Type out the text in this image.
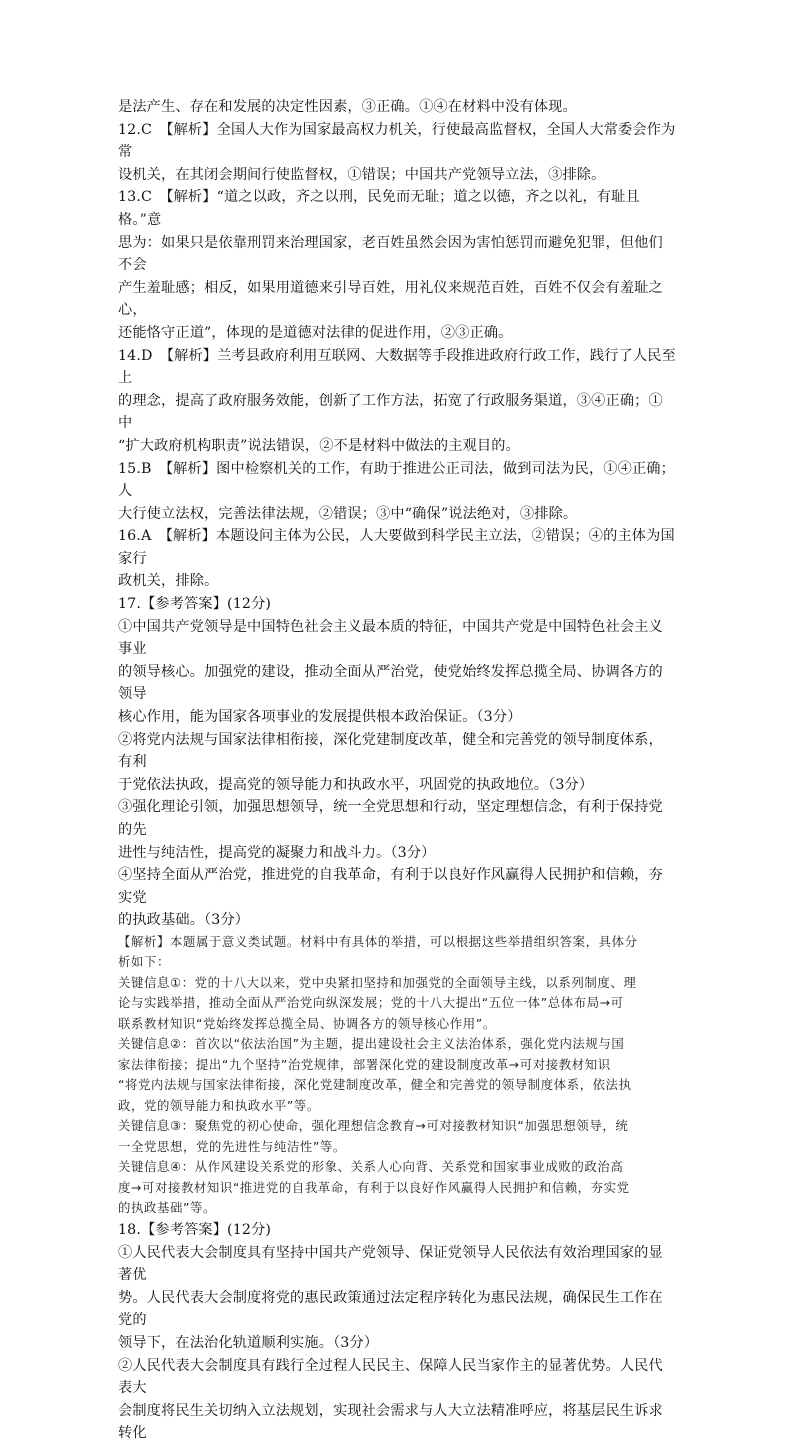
是法产生、存在和发展的决定性因素，③正确。①④在材料中没有体现。

12.C　【解析】全国人大作为国家最高权力机关，行使最高监督权，全国人大常委会作为常

设机关，在其闭会期间行使监督权，①错误；中国共产党领导立法，③排除。

13.C　【解析】“道之以政，齐之以刑，民免而无耻；道之以德，齐之以礼，有耻且格。”意

思为：如果只是依靠刑罚来治理国家，老百姓虽然会因为害怕惩罚而避免犯罪，但他们不会

产生羞耻感；相反，如果用道德来引导百姓，用礼仪来规范百姓，百姓不仅会有羞耻之心，

还能恪守正道”，体现的是道德对法律的促进作用，②③正确。

14.D　【解析】兰考县政府利用互联网、大数据等手段推进政府行政工作，践行了人民至上

的理念，提高了政府服务效能，创新了工作方法，拓宽了行政服务渠道，③④正确；①中

“扩大政府机构职责”说法错误，②不是材料中做法的主观目的。

15.B　【解析】图中检察机关的工作，有助于推进公正司法，做到司法为民，①④正确；人

大行使立法权，完善法律法规，②错误；③中“确保”说法绝对，③排除。

16.A　【解析】本题设问主体为公民，人大要做到科学民主立法，②错误；④的主体为国家行

政机关，排除。

17.【参考答案】(12分)

①中国共产党领导是中国特色社会主义最本质的特征，中国共产党是中国特色社会主义事业

的领导核心。加强党的建设，推动全面从严治党，使党始终发挥总揽全局、协调各方的领导

核心作用，能为国家各项事业的发展提供根本政治保证。（3分）

②将党内法规与国家法律相衔接，深化党建制度改革，健全和完善党的领导制度体系，有利

于党依法执政，提高党的领导能力和执政水平，巩固党的执政地位。（3分）

③强化理论引领，加强思想领导，统一全党思想和行动，坚定理想信念，有利于保持党的先

进性与纯洁性，提高党的凝聚力和战斗力。（3分）

④坚持全面从严治党，推进党的自我革命，有利于以良好作风赢得人民拥护和信赖，夯实党

的执政基础。（3分）

【解析】本题属于意义类试题。材料中有具体的举措，可以根据这些举措组织答案，具体分

析如下：

关键信息①：党的十八大以来，党中央紧扣坚持和加强党的全面领导主线，以系列制度、理

论与实践举措，推动全面从严治党向纵深发展；党的十八大提出“五位一体”总体布局→可

联系教材知识“党始终发挥总揽全局、协调各方的领导核心作用”。

关键信息②：首次以“依法治国”为主题，提出建设社会主义法治体系，强化党内法规与国

家法律衔接；提出“九个坚持”治党规律，部署深化党的建设制度改革→可对接教材知识

“将党内法规与国家法律衔接，深化党建制度改革，健全和完善党的领导制度体系，依法执

政，党的领导能力和执政水平”等。

关键信息③：聚焦党的初心使命，强化理想信念教育→可对接教材知识“加强思想领导，统

一全党思想，党的先进性与纯洁性”等。

关键信息④：从作风建设关系党的形象、关系人心向背、关系党和国家事业成败的政治高

度→可对接教材知识“推进党的自我革命，有利于以良好作风赢得人民拥护和信赖，夯实党

的执政基础”等。

18.【参考答案】(12分)

①人民代表大会制度具有坚持中国共产党领导、保证党领导人民依法有效治理国家的显著优

势。人民代表大会制度将党的惠民政策通过法定程序转化为惠民法规，确保民生工作在党的

领导下，在法治化轨道顺利实施。（3分）

②人民代表大会制度具有践行全过程人民民主、保障人民当家作主的显著优势。人民代表大

会制度将民生关切纳入立法规划，实现社会需求与人大立法精准呼应，将基层民生诉求转化
